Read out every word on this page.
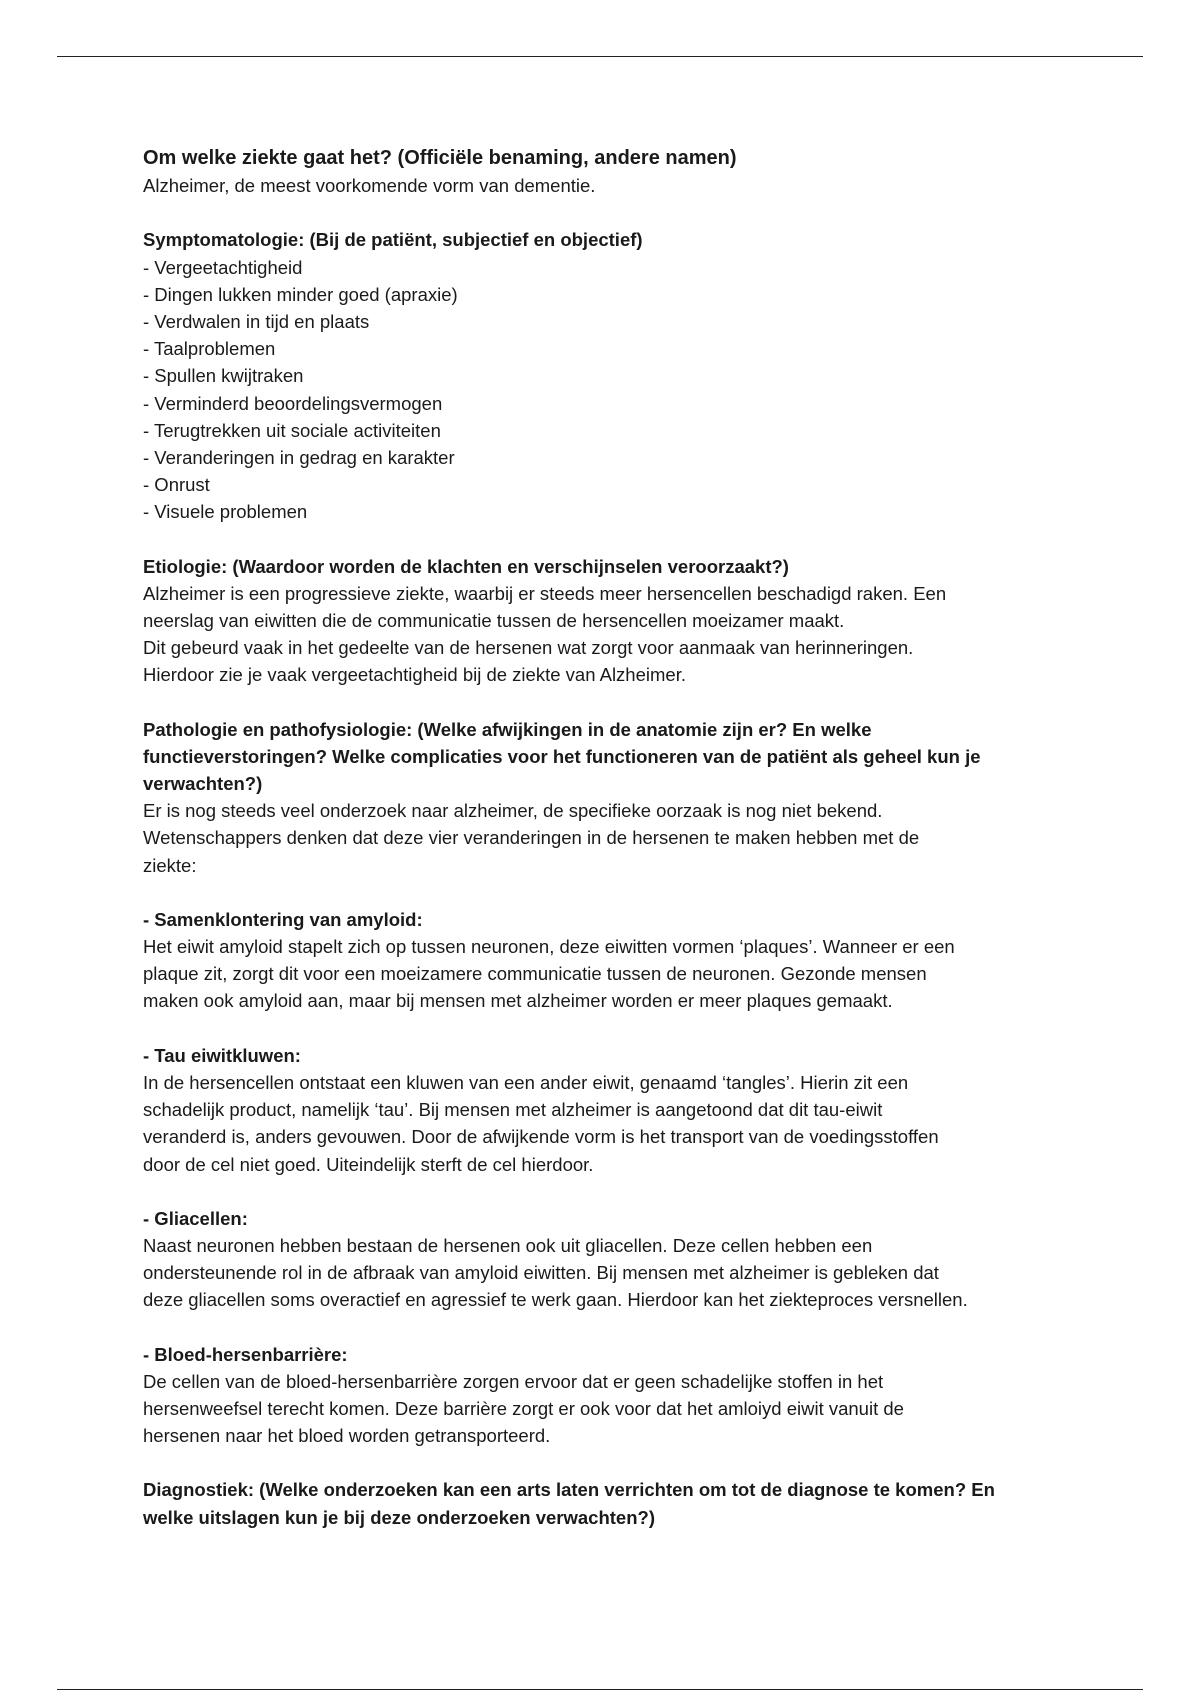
Om welke ziekte gaat het? (Officiële benaming, andere namen)

Alzheimer, de meest voorkomende vorm van dementie.

Symptomatologie: (Bij de patiënt, subjectief en objectief)

- Vergeetachtigheid
- Dingen lukken minder goed (apraxie)
- Verdwalen in tijd en plaats
- Taalproblemen
- Spullen kwijtraken
- Verminderd beoordelingsvermogen
- Terugtrekken uit sociale activiteiten
- Veranderingen in gedrag en karakter
- Onrust
- Visuele problemen

Etiologie: (Waardoor worden de klachten en verschijnselen veroorzaakt?)

Alzheimer is een progressieve ziekte, waarbij er steeds meer hersencellen beschadigd raken. Een
neerslag van eiwitten die de communicatie tussen de hersencellen moeizamer maakt.
Dit gebeurd vaak in het gedeelte van de hersenen wat zorgt voor aanmaak van herinneringen.
Hierdoor zie je vaak vergeetachtigheid bij de ziekte van Alzheimer.

Pathologie en pathofysiologie: (Welke afwijkingen in de anatomie zijn er? En welke
functieverstoringen? Welke complicaties voor het functioneren van de patiënt als geheel kun je
verwachten?)

Er is nog steeds veel onderzoek naar alzheimer, de specifieke oorzaak is nog niet bekend.
Wetenschappers denken dat deze vier veranderingen in de hersenen te maken hebben met de
ziekte:

- Samenklontering van amyloid:

Het eiwit amyloid stapelt zich op tussen neuronen, deze eiwitten vormen ‘plaques’. Wanneer er een
plaque zit, zorgt dit voor een moeizamere communicatie tussen de neuronen. Gezonde mensen
maken ook amyloid aan, maar bij mensen met alzheimer worden er meer plaques gemaakt.

- Tau eiwitkluwen:

In de hersencellen ontstaat een kluwen van een ander eiwit, genaamd ‘tangles’. Hierin zit een
schadelijk product, namelijk ‘tau’. Bij mensen met alzheimer is aangetoond dat dit tau-eiwit
veranderd is, anders gevouwen. Door de afwijkende vorm is het transport van de voedingsstoffen
door de cel niet goed. Uiteindelijk sterft de cel hierdoor.

- Gliacellen:

Naast neuronen hebben bestaan de hersenen ook uit gliacellen. Deze cellen hebben een
ondersteunende rol in de afbraak van amyloid eiwitten. Bij mensen met alzheimer is gebleken dat
deze gliacellen soms overactief en agressief te werk gaan. Hierdoor kan het ziekteproces versnellen.

- Bloed-hersenbarrière:

De cellen van de bloed-hersenbarrière zorgen ervoor dat er geen schadelijke stoffen in het
hersenweefsel terecht komen. Deze barrière zorgt er ook voor dat het amloiyd eiwit vanuit de
hersenen naar het bloed worden getransporteerd.

Diagnostiek: (Welke onderzoeken kan een arts laten verrichten om tot de diagnose te komen? En
welke uitslagen kun je bij deze onderzoeken verwachten?)
